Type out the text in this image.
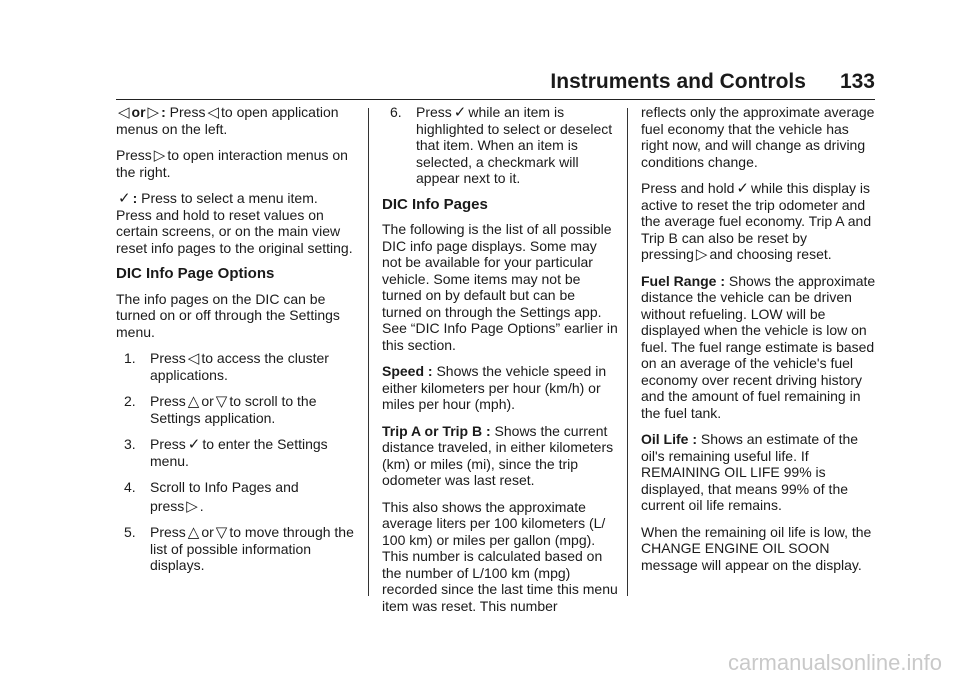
Instruments and Controls 133

◁ or ▷ : Press ◁ to open application menus on the left.

Press ▷ to open interaction menus on the right.

✓ : Press to select a menu item. Press and hold to reset values on certain screens, or on the main view reset info pages to the original setting.

DIC Info Page Options

The info pages on the DIC can be turned on or off through the Settings menu.

1.	Press ◁ to access the cluster applications.
2.	Press △ or ▽ to scroll to the Settings application.
3.	Press ✓ to enter the Settings menu.
4.	Scroll to Info Pages and
press ▷ .
5.	Press △ or ▽ to move through the list of possible information displays.
6.	Press ✓ while an item is highlighted to select or deselect that item. When an item is selected, a checkmark will appear next to it.
DIC Info Pages

The following is the list of all possible DIC info page displays. Some may not be available for your particular vehicle. Some items may not be turned on by default but can be turned on through the Settings app. See “DIC Info Page Options” earlier in this section.

Speed : Shows the vehicle speed in either kilometers per hour (km/h) or miles per hour (mph).

Trip A or Trip B : Shows the current distance traveled, in either kilometers (km) or miles (mi), since the trip odometer was last reset.

This also shows the approximate average liters per 100 kilometers (L/ 100 km) or miles per gallon (mpg). This number is calculated based on the number of L/100 km (mpg) recorded since the last time this menu item was reset. This number

reflects only the approximate average fuel economy that the vehicle has right now, and will change as driving conditions change.

Press and hold ✓ while this display is active to reset the trip odometer and the average fuel economy. Trip A and Trip B can also be reset by pressing ▷ and choosing reset.

Fuel Range : Shows the approximate distance the vehicle can be driven without refueling. LOW will be displayed when the vehicle is low on fuel. The fuel range estimate is based on an average of the vehicle's fuel economy over recent driving history and the amount of fuel remaining in the fuel tank.

Oil Life : Shows an estimate of the oil's remaining useful life. If REMAINING OIL LIFE 99% is displayed, that means 99% of the current oil life remains.

When the remaining oil life is low, the CHANGE ENGINE OIL SOON message will appear on the display.

carmanualsonline.info
